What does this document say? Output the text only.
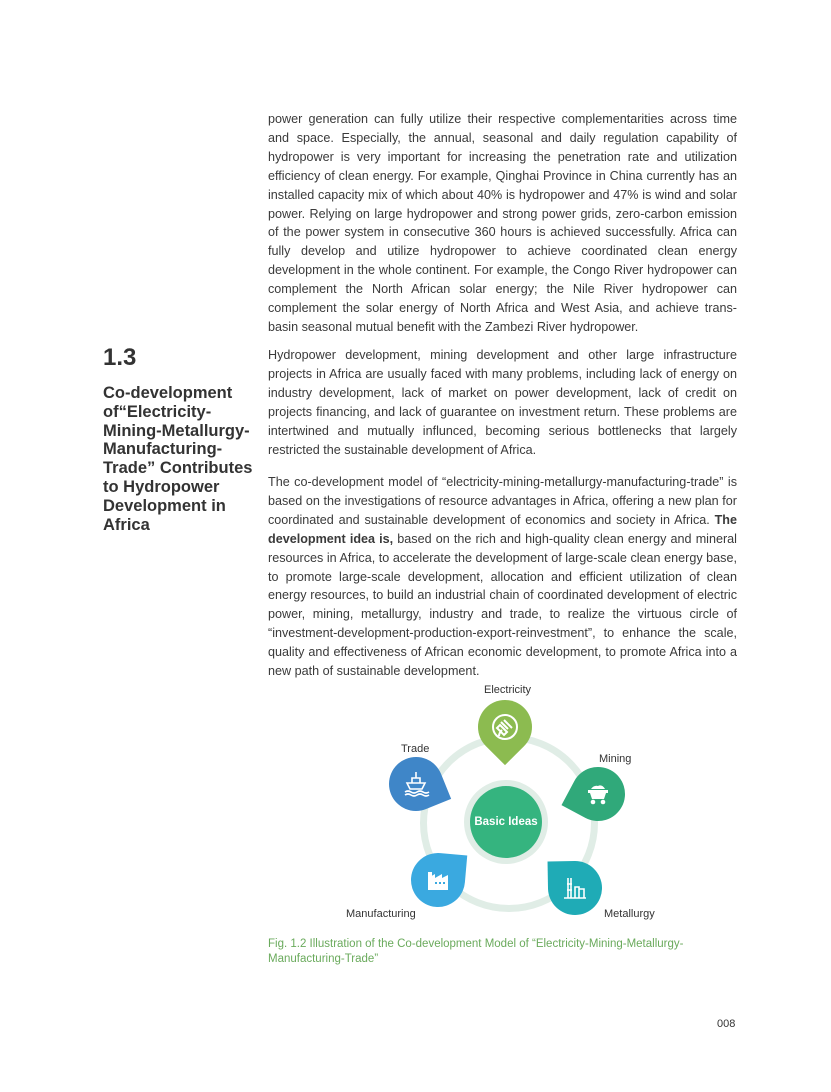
power generation can fully utilize their respective complementarities across time and space. Especially, the annual, seasonal and daily regulation capability of hydropower is very important for increasing the penetration rate and utilization efficiency of clean energy. For example, Qinghai Province in China currently has an installed capacity mix of which about 40% is hydropower and 47% is wind and solar power. Relying on large hydropower and strong power grids, zero-carbon emission of the power system in consecutive 360 hours is achieved successfully. Africa can fully develop and utilize hydropower to achieve coordinated clean energy development in the whole continent. For example, the Congo River hydropower can complement the North African solar energy; the Nile River hydropower can complement the solar energy of North Africa and West Asia, and achieve trans-basin seasonal mutual benefit with the Zambezi River hydropower.

1.3
Co-development of“Electricity-Mining-Metallurgy-Manufacturing-Trade” Contributes to Hydropower Development in Africa

Hydropower development, mining development and other large infrastructure projects in Africa are usually faced with many problems, including lack of energy on industry development, lack of market on power development, lack of credit on projects financing, and lack of guarantee on investment return. These problems are intertwined and mutually influnced, becoming serious bottlenecks that largely restricted the sustainable development of Africa.

The co-development model of “electricity-mining-metallurgy-manufacturing-trade” is based on the investigations of resource advantages in Africa, offering a new plan for coordinated and sustainable development of economics and society in Africa. The development idea is, based on the rich and high-quality clean energy and mineral resources in Africa, to accelerate the development of large-scale clean energy base, to promote large-scale development, allocation and efficient utilization of clean energy resources, to build an industrial chain of coordinated development of electric power, mining, metallurgy, industry and trade, to realize the virtuous circle of “investment-development-production-export-reinvestment”, to enhance the scale, quality and effectiveness of African economic development, to promote Africa into a new path of sustainable development.

Basic Ideas
Electricity
Trade
Mining
Manufacturing	Metallurgy
Fig. 1.2 Illustration of the Co-development Model of “Electricity-Mining-Metallurgy-Manufacturing-Trade”
008
